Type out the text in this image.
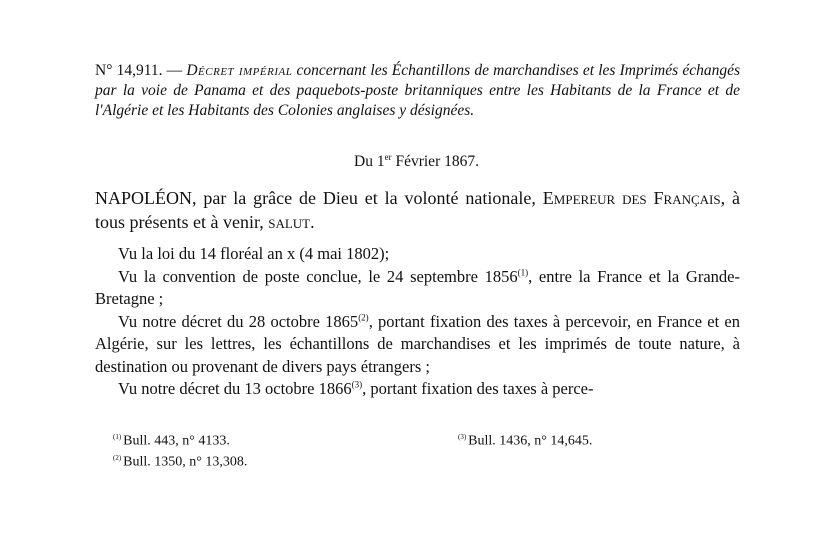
N° 14,911. — Décret impérial concernant les Échantillons de marchandises et les Imprimés échangés par la voie de Panama et des paquebots-poste britanniques entre les Habitants de la France et de l'Algérie et les Habitants des Colonies anglaises y désignées.
Du 1er Février 1867.
NAPOLÉON, par la grâce de Dieu et la volonté nationale, Empereur des Français, à tous présents et à venir, salut.

Vu la loi du 14 floréal an x (4 mai 1802);

Vu la convention de poste conclue, le 24 septembre 1856$^{(1)}$, entre la France et la Grande-Bretagne ;

Vu notre décret du 28 octobre 1865$^{(2)}$, portant fixation des taxes à percevoir, en France et en Algérie, sur les lettres, les échantillons de marchandises et les imprimés de toute nature, à destination ou provenant de divers pays étrangers ;

Vu notre décret du 13 octobre 1866$^{(3)}$, portant fixation des taxes à perce-

$^{(1)}$ Bull. 443, n° 4133.
$^{(2)}$ Bull. 1350, n° 13,308.
$^{(3)}$ Bull. 1436, n° 14,645.
